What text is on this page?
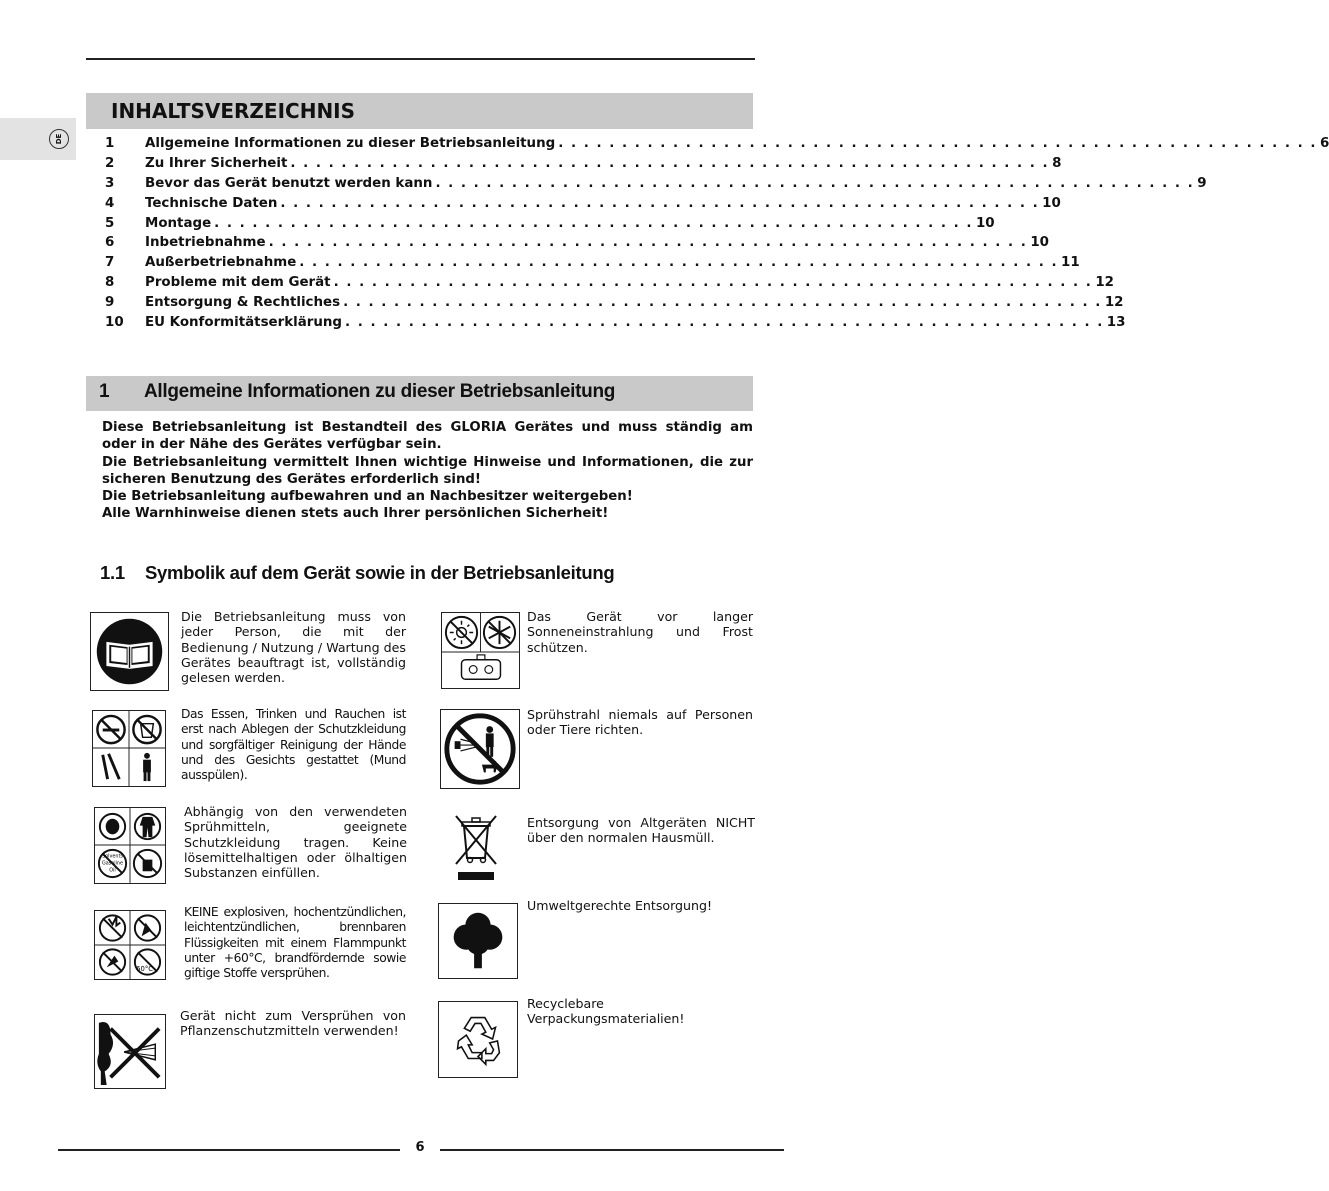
DE
INHALTSVERZEICHNIS
1	Allgemeine Informationen zu dieser Betriebsanleitung . . . . . . . . . . . . . . . . . . . . . . . . . . . . . . . . . . . . . . . . . . . . . . . . . . . . . . . . . . . . 6
2	Zu Ihrer Sicherheit . . . . . . . . . . . . . . . . . . . . . . . . . . . . . . . . . . . . . . . . . . . . . . . . . . . . . . . . . . . . 8
3	Bevor das Gerät benutzt werden kann . . . . . . . . . . . . . . . . . . . . . . . . . . . . . . . . . . . . . . . . . . . . . . . . . . . . . . . . . . . . 9
4	Technische Daten . . . . . . . . . . . . . . . . . . . . . . . . . . . . . . . . . . . . . . . . . . . . . . . . . . . . . . . . . . . . 10
5	Montage . . . . . . . . . . . . . . . . . . . . . . . . . . . . . . . . . . . . . . . . . . . . . . . . . . . . . . . . . . . . 10
6	Inbetriebnahme . . . . . . . . . . . . . . . . . . . . . . . . . . . . . . . . . . . . . . . . . . . . . . . . . . . . . . . . . . . . 10
7	Außerbetriebnahme . . . . . . . . . . . . . . . . . . . . . . . . . . . . . . . . . . . . . . . . . . . . . . . . . . . . . . . . . . . . 11
8	Probleme mit dem Gerät . . . . . . . . . . . . . . . . . . . . . . . . . . . . . . . . . . . . . . . . . . . . . . . . . . . . . . . . . . . . 12
9	Entsorgung & Rechtliches . . . . . . . . . . . . . . . . . . . . . . . . . . . . . . . . . . . . . . . . . . . . . . . . . . . . . . . . . . . . 12
10	EU Konformitätserklärung . . . . . . . . . . . . . . . . . . . . . . . . . . . . . . . . . . . . . . . . . . . . . . . . . . . . . . . . . . . . 13
1 Allgemeine Informationen zu dieser Betriebsanleitung

Diese Betriebsanleitung ist Bestandteil des GLORIA Gerätes und muss ständig am oder in der Nähe des Gerätes verfügbar sein.

Die Betriebsanleitung vermittelt Ihnen wichtige Hinweise und Informationen, die zur sicheren Benutzung des Gerätes erforderlich sind!

Die Betriebsanleitung aufbewahren und an Nachbesitzer weitergeben!

Alle Warnhinweise dienen stets auch Ihrer persönlichen Sicherheit!

1.1 Symbolik auf dem Gerät sowie in der Betriebsanleitung
Die Betriebsanleitung muss von jeder Person, die mit der Bedienung / Nutzung / Wartung des Gerätes beauftragt ist, vollständig gelesen werden.
Das Essen, Trinken und Rauchen ist erst nach Ablegen der Schutzkleidung und sorgfältiger Reinigung der Hände und des Gesichts gestattet (Mund ausspülen).
Solvents
Gasoline
Oil
Abhängig von den verwendeten Sprühmitteln, geeignete Schutzkleidung tragen. Keine lösemittelhaltigen oder ölhaltigen Substanzen einfüllen.
60°C
KEINE explosiven, hochentzündlichen, leichtentzündlichen, brennbaren Flüssigkeiten mit einem Flammpunkt unter +60°C, brandfördernde sowie giftige Stoffe versprühen.
Gerät nicht zum Versprühen von Pflanzenschutzmitteln verwenden!
Das Gerät vor langer Sonneneinstrahlung und Frost schützen.
Sprühstrahl niemals auf Personen oder Tiere richten.
Entsorgung von Altgeräten NICHT über den normalen Hausmüll.
Umweltgerechte Entsorgung!
Recyclebare Verpackungsmaterialien!
6
